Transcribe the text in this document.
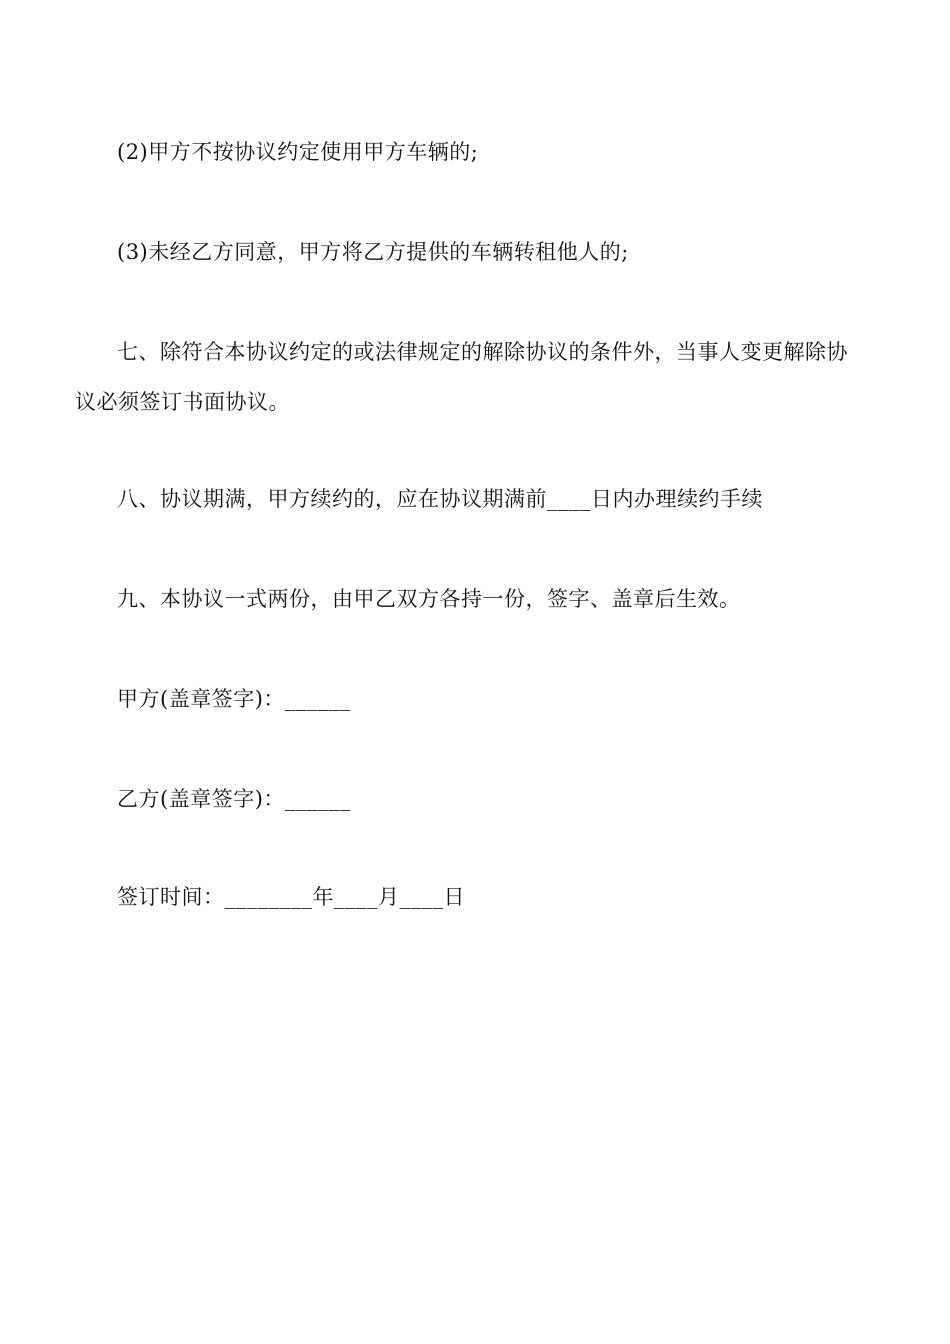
(2)甲方不按协议约定使用甲方车辆的;
(3)未经乙方同意，甲方将乙方提供的车辆转租他人的;
七、除符合本协议约定的或法律规定的解除协议的条件外，当事人变更解除协
议必须签订书面协议。
八、协议期满，甲方续约的，应在协议期满前____日内办理续约手续
九、本协议一式两份，由甲乙双方各持一份，签字、盖章后生效。
甲方(盖章签字)：______
乙方(盖章签字)：______
签订时间：________年____月____日
